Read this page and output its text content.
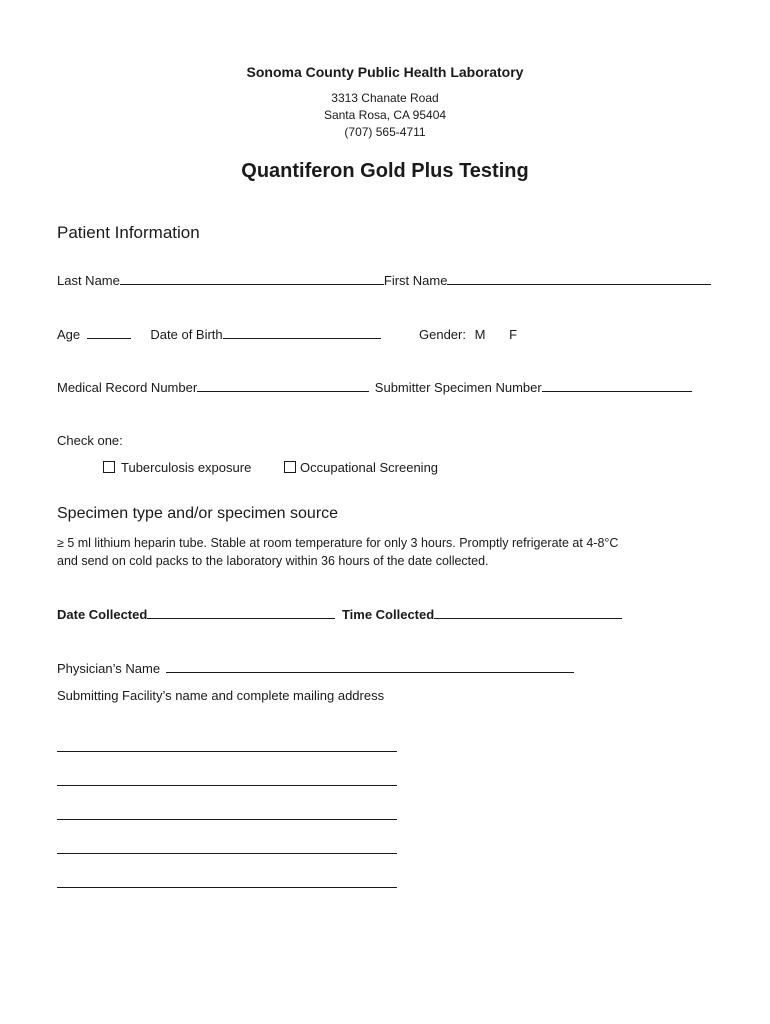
Sonoma County Public Health Laboratory
3313 Chanate Road
Santa Rosa, CA 95404
(707) 565-4711
Quantiferon Gold Plus Testing
Patient Information
Last Name	First Name
Age	Date of Birth	Gender: M F
Medical Record Number	Submitter Specimen Number
Check one:
Tuberculosis exposure	Occupational Screening
Specimen type and/or specimen source
≥ 5 ml lithium heparin tube. Stable at room temperature for only 3 hours. Promptly refrigerate at 4-8°C
and send on cold packs to the laboratory within 36 hours of the date collected.
Date Collected	Time Collected
Physician’s Name
Submitting Facility’s name and complete mailing address
